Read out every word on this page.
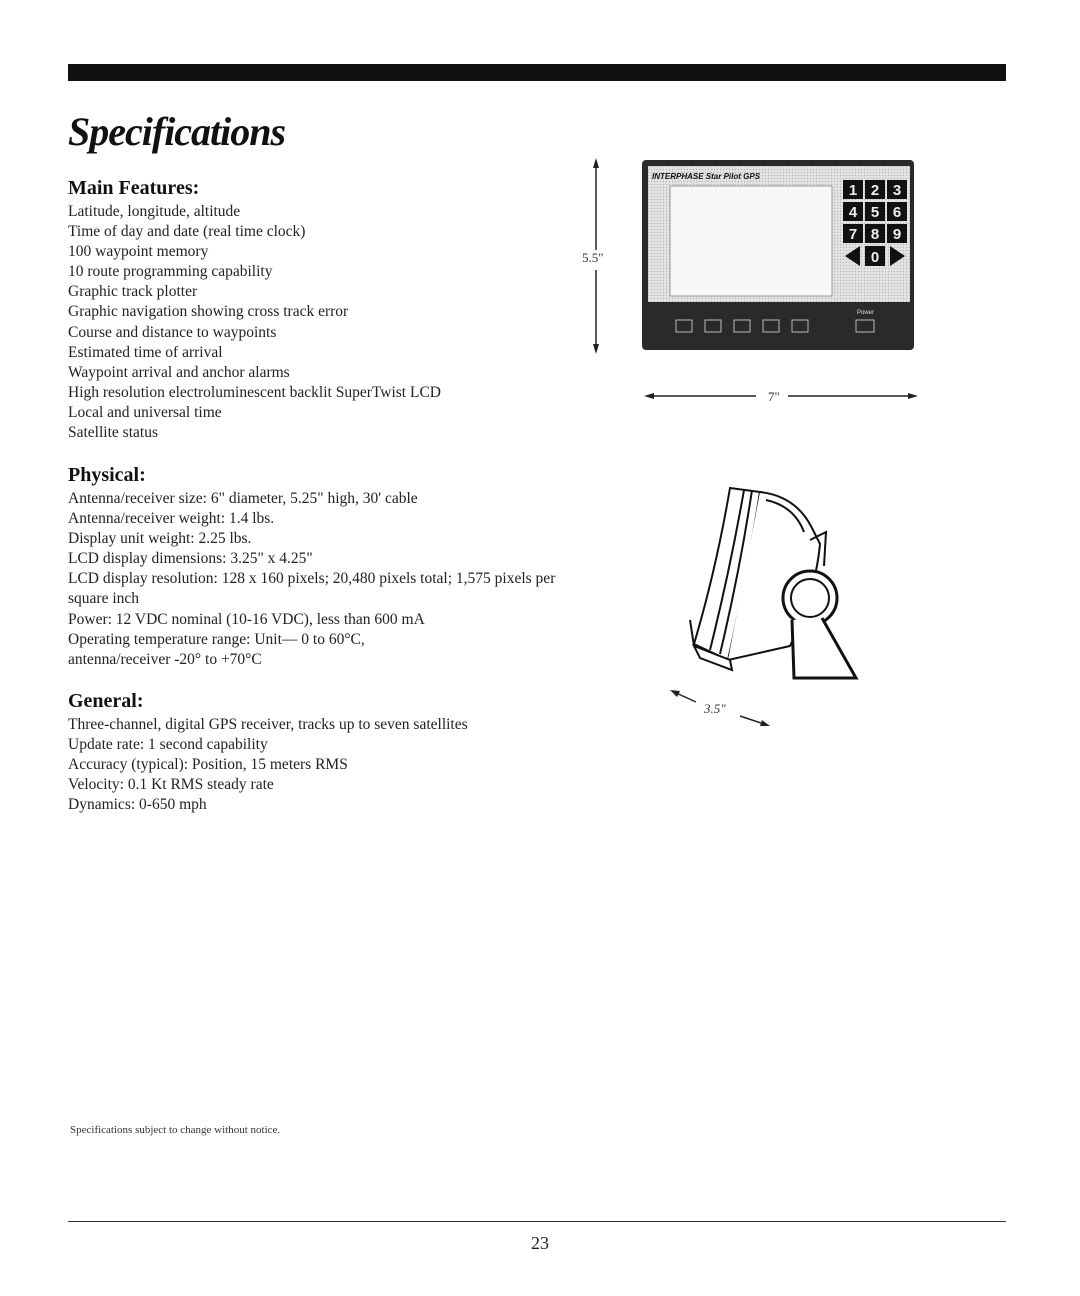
Specifications
Main Features:
Latitude, longitude, altitude
Time of day and date (real time clock)
100 waypoint memory
10 route programming capability
Graphic track plotter
Graphic navigation showing cross track error
Course and distance to waypoints
Estimated time of arrival
Waypoint arrival and anchor alarms
High resolution electroluminescent backlit SuperTwist LCD
Local and universal time
Satellite status
Physical:
Antenna/receiver size: 6" diameter, 5.25" high, 30' cable
Antenna/receiver weight: 1.4 lbs.
Display unit weight: 2.25 lbs.
LCD display dimensions: 3.25" x 4.25"
LCD display resolution: 128 x 160 pixels; 20,480 pixels total; 1,575 pixels per square inch
Power: 12 VDC nominal (10-16 VDC), less than 600 mA
Operating temperature range: Unit— 0 to 60°C,
antenna/receiver -20° to +70°C
General:
Three-channel, digital GPS receiver, tracks up to seven satellites
Update rate: 1 second capability
Accuracy (typical): Position, 15 meters RMS
Velocity: 0.1 Kt RMS steady rate
Dynamics: 0-650 mph
5.5"
INTERPHASE Star Pilot GPS
1 2 3
4 5 6
7 8 9
0
Power
7"
3.5"
Specifications subject to change without notice.
23
